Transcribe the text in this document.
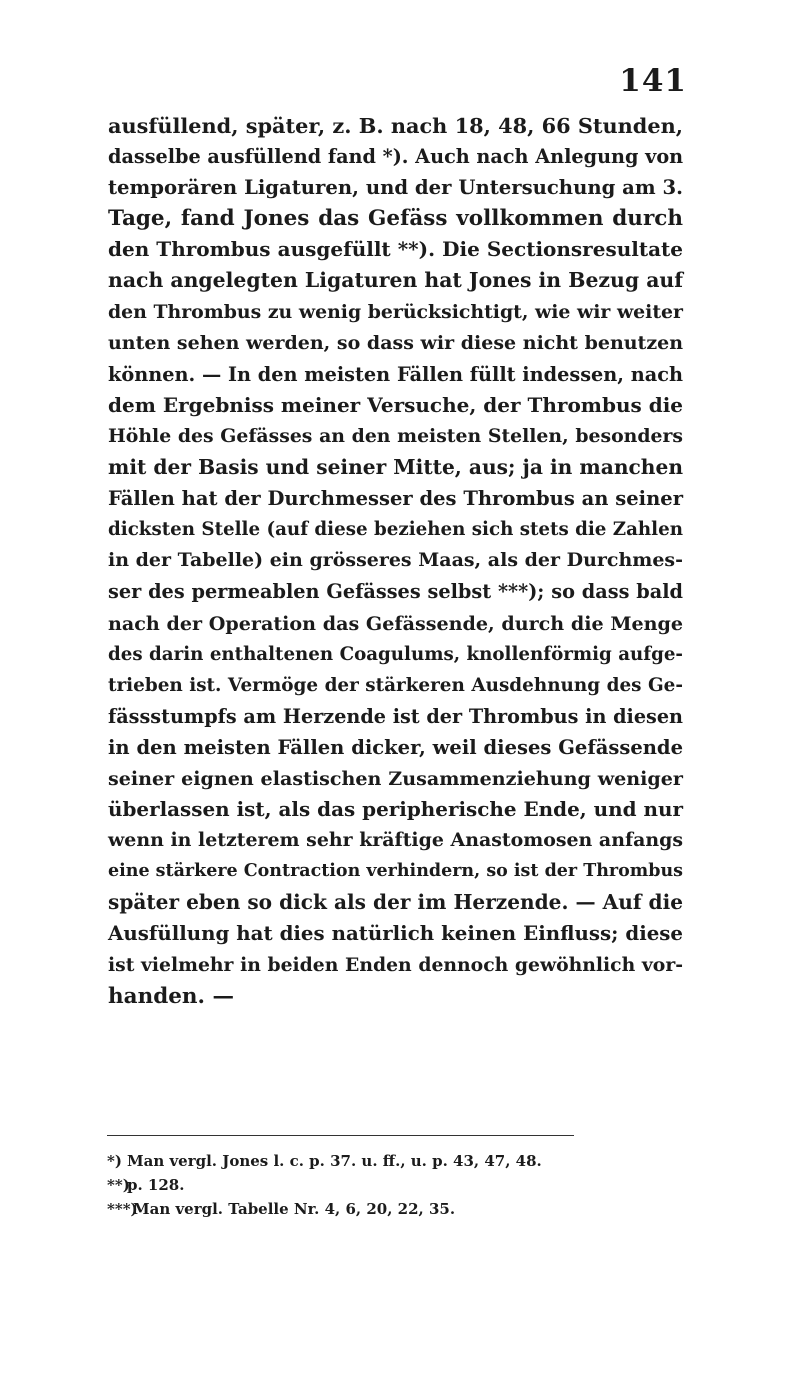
141
ausfüllend, später, z. B. nach 18, 48, 66 Stunden,
dasselbe ausfüllend fand *). Auch nach Anlegung von
temporären Ligaturen, und der Untersuchung am 3.
Tage, fand Jones das Gefäss vollkommen durch
den Thrombus ausgefüllt **). Die Sectionsresultate
nach angelegten Ligaturen hat Jones in Bezug auf
den Thrombus zu wenig berücksichtigt, wie wir weiter
unten sehen werden, so dass wir diese nicht benutzen
können. — In den meisten Fällen füllt indessen, nach
dem Ergebniss meiner Versuche, der Thrombus die
Höhle des Gefässes an den meisten Stellen, besonders
mit der Basis und seiner Mitte, aus; ja in manchen
Fällen hat der Durchmesser des Thrombus an seiner
dicksten Stelle (auf diese beziehen sich stets die Zahlen
in der Tabelle) ein grösseres Maas, als der Durchmes-
ser des permeablen Gefässes selbst ***); so dass bald
nach der Operation das Gefässende, durch die Menge
des darin enthaltenen Coagulums, knollenförmig aufge-
trieben ist. Vermöge der stärkeren Ausdehnung des Ge-
fässstumpfs am Herzende ist der Thrombus in diesen
in den meisten Fällen dicker, weil dieses Gefässende
seiner eignen elastischen Zusammenziehung weniger
überlassen ist, als das peripherische Ende, und nur
wenn in letzterem sehr kräftige Anastomosen anfangs
eine stärkere Contraction verhindern, so ist der Thrombus
später eben so dick als der im Herzende. — Auf die
Ausfüllung hat dies natürlich keinen Einfluss; diese
ist vielmehr in beiden Enden dennoch gewöhnlich vor-
handen. —
*) Man vergl. Jones l. c. p. 37. u. ff., u. p. 43, 47, 48.
**)p. 128.
***)Man vergl. Tabelle Nr. 4, 6, 20, 22, 35.
